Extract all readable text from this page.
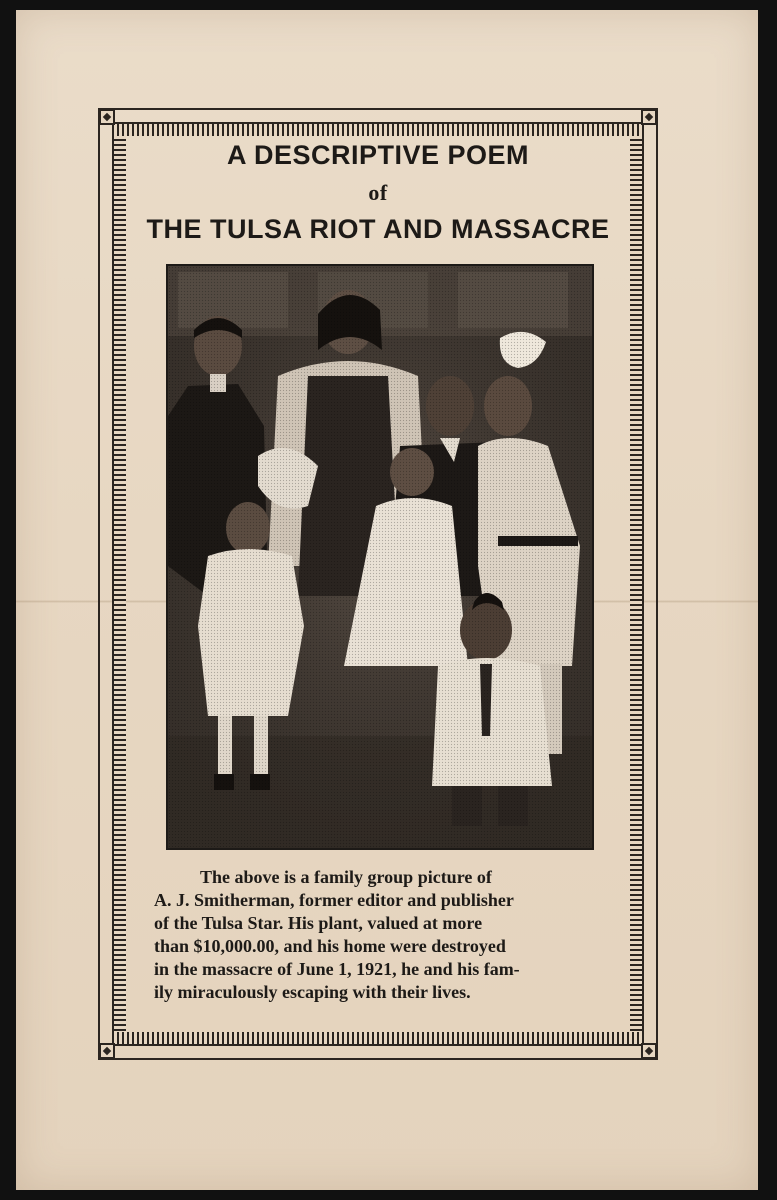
A DESCRIPTIVE POEM
of
THE TULSA RIOT AND MASSACRE
The above is a family group picture of
A. J. Smitherman, former editor and publisher
of the Tulsa Star. His plant, valued at more
than $10,000.00, and his home were destroyed
in the massacre of June 1, 1921, he and his fam-
ily miraculously escaping with their lives.
